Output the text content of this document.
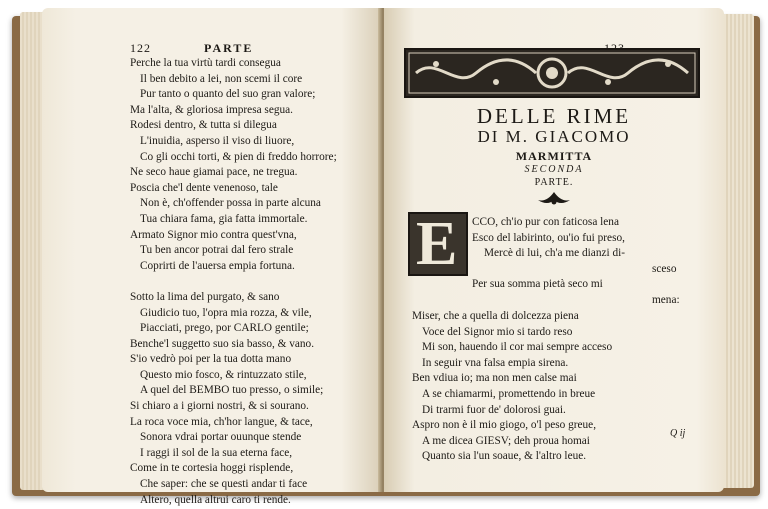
122	PARTE
Perche la tua virtù tardi consegua
Il ben debito a lei, non scemi il core
Pur tanto o quanto del suo gran valore;
Ma l'alta, & gloriosa impresa segua.
Rodesi dentro, & tutta si dilegua
L'inuidia, asperso il viso di liuore,
Co gli occhi torti, & pien di freddo horrore;
Ne seco haue giamai pace, ne tregua.
Poscia che'l dente venenoso, tale
Non è, ch'offender possa in parte alcuna
Tua chiara fama, gia fatta immortale.
Armato Signor mio contra quest'vna,
Tu ben ancor potrai dal fero strale
Coprirti de l'auersa empia fortuna.
Sotto la lima del purgato, & sano
Giudicio tuo, l'opra mia rozza, & vile,
Piacciati, prego, por CARLO gentile;
Benche'l suggetto suo sia basso, & vano.
S'io vedrò poi per la tua dotta mano
Questo mio fosco, & rintuzzato stile,
A quel del BEMBO tuo presso, o simile;
Si chiaro a i giorni nostri, & si sourano.
La roca voce mia, ch'hor langue, & tace,
Sonora vdrai portar ouunque stende
I raggi il sol de la sua eterna face,
Come in te cortesia hoggi risplende,
Che saper: che se questi andar ti face
Altero, quella altrui caro ti rende.
DELLE RIME
DI M. GIACOMO
MARMITTA
SECONDA
PARTE.
E CCO, ch'io pur con faticosa lena
Esco del labirinto, ou'io fui preso,
Mercè di lui, ch'a me dianzi di-
sceso
Per sua somma pietà seco mi
mena:
Miser, che a quella di dolcezza piena
Voce del Signor mio si tardo reso
Mi son, hauendo il cor mai sempre acceso
In seguir vna falsa empia sirena.
Ben vdiua io; ma non men calse mai
A se chiamarmi, promettendo in breue
Di trarmi fuor de' dolorosi guai.
Aspro non è il mio giogo, o'l peso greue,
A me dicea GIESV; deh proua homai
Quanto sia l'un soaue, & l'altro leue.
Q ij
